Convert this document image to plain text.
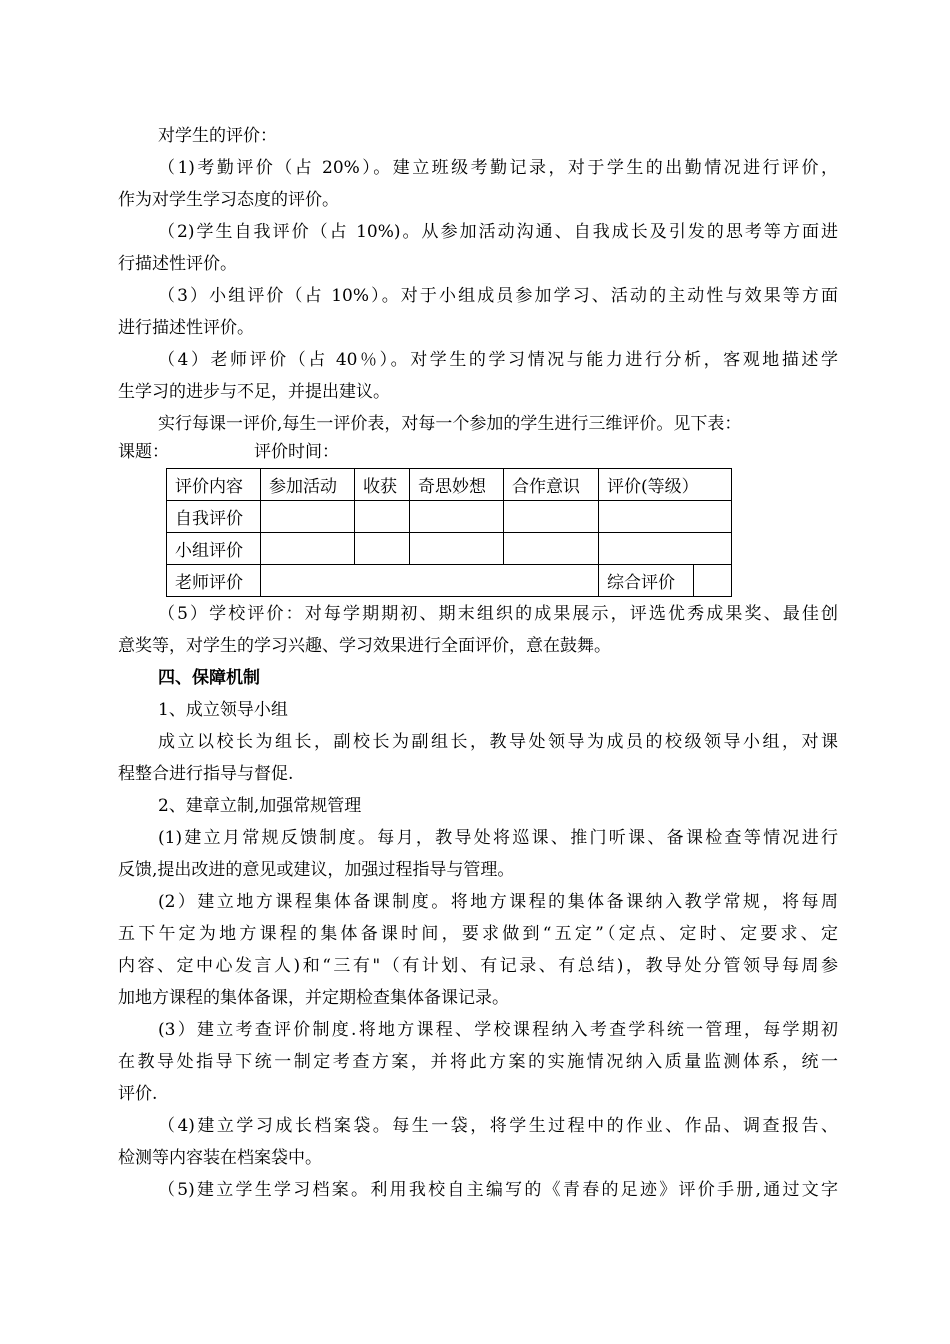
对学生的评价：
（1)考勤评价（占 20%）。建立班级考勤记录，对于学生的出勤情况进行评价，
作为对学生学习态度的评价。
（2)学生自我评价（占 10%)。从参加活动沟通、自我成长及引发的思考等方面进
行描述性评价。
（3）小组评价（占 10%）。对于小组成员参加学习、活动的主动性与效果等方面
进行描述性评价。
（4）老师评价（占 40％）。对学生的学习情况与能力进行分析，客观地描述学
生学习的进步与不足，并提出建议。
实行每课一评价,每生一评价表，对每一个参加的学生进行三维评价。见下表：
课题：	评价时间：
评价内容	参加活动	收获	奇思妙想	合作意识	评价(等级）	
自我评价						
小组评价						
老师评价					综合评价	
（5）学校评价：对每学期期初、期末组织的成果展示，评选优秀成果奖、最佳创
意奖等，对学生的学习兴趣、学习效果进行全面评价，意在鼓舞。
四、保障机制
1、成立领导小组
成立以校长为组长，副校长为副组长，教导处领导为成员的校级领导小组，对课
程整合进行指导与督促.
2、建章立制,加强常规管理
(1)建立月常规反馈制度。每月，教导处将巡课、推门听课、备课检查等情况进行
反馈,提出改进的意见或建议，加强过程指导与管理。
(2）建立地方课程集体备课制度。将地方课程的集体备课纳入教学常规，将每周
五下午定为地方课程的集体备课时间，要求做到“五定”（定点、定时、定要求、定
内容、定中心发言人)和“三有"（有计划、有记录、有总结)，教导处分管领导每周参
加地方课程的集体备课，并定期检查集体备课记录。
(3）建立考查评价制度.将地方课程、学校课程纳入考查学科统一管理，每学期初
在教导处指导下统一制定考查方案，并将此方案的实施情况纳入质量监测体系，统一
评价.
（4)建立学习成长档案袋。每生一袋，将学生过程中的作业、作品、调查报告、
检测等内容装在档案袋中。
（5)建立学生学习档案。利用我校自主编写的《青春的足迹》评价手册,通过文字
